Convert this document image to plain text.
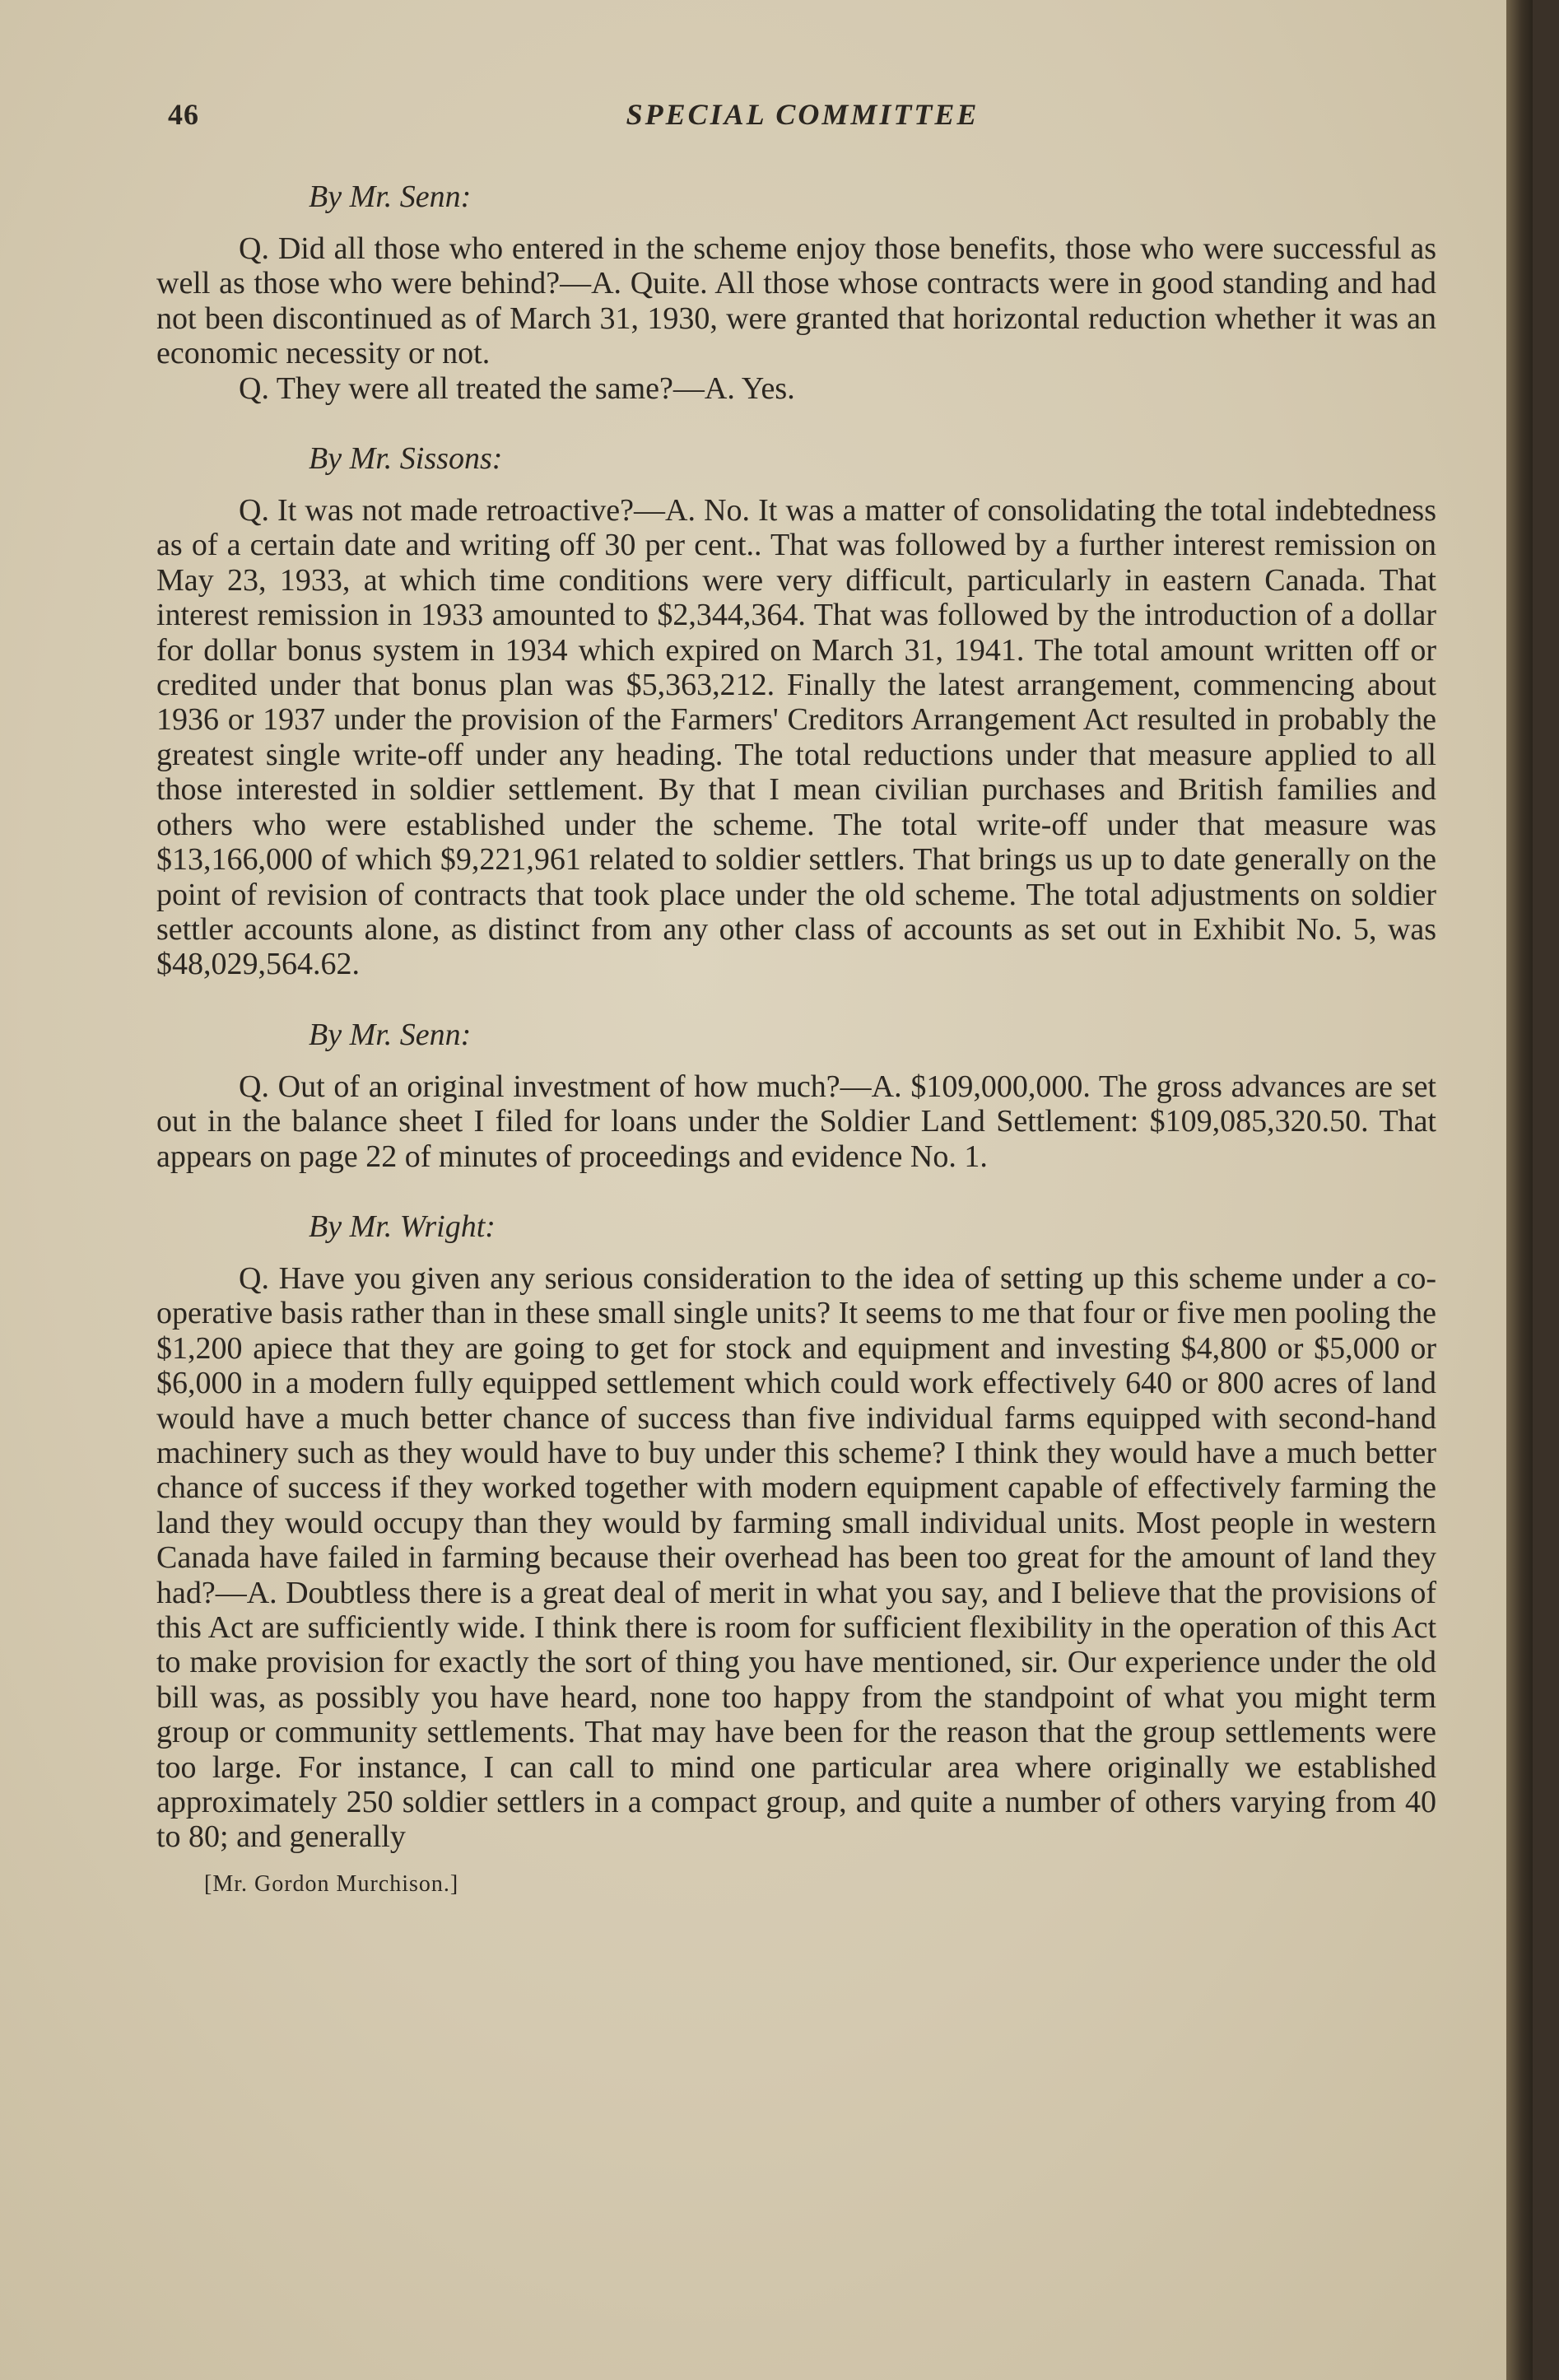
46	SPECIAL COMMITTEE
By Mr. Senn:

Q. Did all those who entered in the scheme enjoy those benefits, those who were successful as well as those who were behind?—A. Quite. All those whose contracts were in good standing and had not been discontinued as of March 31, 1930, were granted that horizontal reduction whether it was an economic necessity or not.

Q. They were all treated the same?—A. Yes.

By Mr. Sissons:

Q. It was not made retroactive?—A. No. It was a matter of consolidating the total indebtedness as of a certain date and writing off 30 per cent.. That was followed by a further interest remission on May 23, 1933, at which time conditions were very difficult, particularly in eastern Canada. That interest remission in 1933 amounted to $2,344,364. That was followed by the introduction of a dollar for dollar bonus system in 1934 which expired on March 31, 1941. The total amount written off or credited under that bonus plan was $5,363,212. Finally the latest arrangement, commencing about 1936 or 1937 under the provision of the Farmers' Creditors Arrangement Act resulted in probably the greatest single write-off under any heading. The total reductions under that measure applied to all those interested in soldier settlement. By that I mean civilian purchases and British families and others who were established under the scheme. The total write-off under that measure was $13,166,000 of which $9,221,961 related to soldier settlers. That brings us up to date generally on the point of revision of contracts that took place under the old scheme. The total adjustments on soldier settler accounts alone, as distinct from any other class of accounts as set out in Exhibit No. 5, was $48,029,564.62.

By Mr. Senn:

Q. Out of an original investment of how much?—A. $109,000,000. The gross advances are set out in the balance sheet I filed for loans under the Soldier Land Settlement: $109,085,320.50. That appears on page 22 of minutes of proceedings and evidence No. 1.

By Mr. Wright:

Q. Have you given any serious consideration to the idea of setting up this scheme under a co-operative basis rather than in these small single units? It seems to me that four or five men pooling the $1,200 apiece that they are going to get for stock and equipment and investing $4,800 or $5,000 or $6,000 in a modern fully equipped settlement which could work effectively 640 or 800 acres of land would have a much better chance of success than five individual farms equipped with second-hand machinery such as they would have to buy under this scheme? I think they would have a much better chance of success if they worked together with modern equipment capable of effectively farming the land they would occupy than they would by farming small individual units. Most people in western Canada have failed in farming because their overhead has been too great for the amount of land they had?—A. Doubtless there is a great deal of merit in what you say, and I believe that the provisions of this Act are sufficiently wide. I think there is room for sufficient flexibility in the operation of this Act to make provision for exactly the sort of thing you have mentioned, sir. Our experience under the old bill was, as possibly you have heard, none too happy from the standpoint of what you might term group or community settlements. That may have been for the reason that the group settlements were too large. For instance, I can call to mind one particular area where originally we established approximately 250 soldier settlers in a compact group, and quite a number of others varying from 40 to 80; and generally

[Mr. Gordon Murchison.]
